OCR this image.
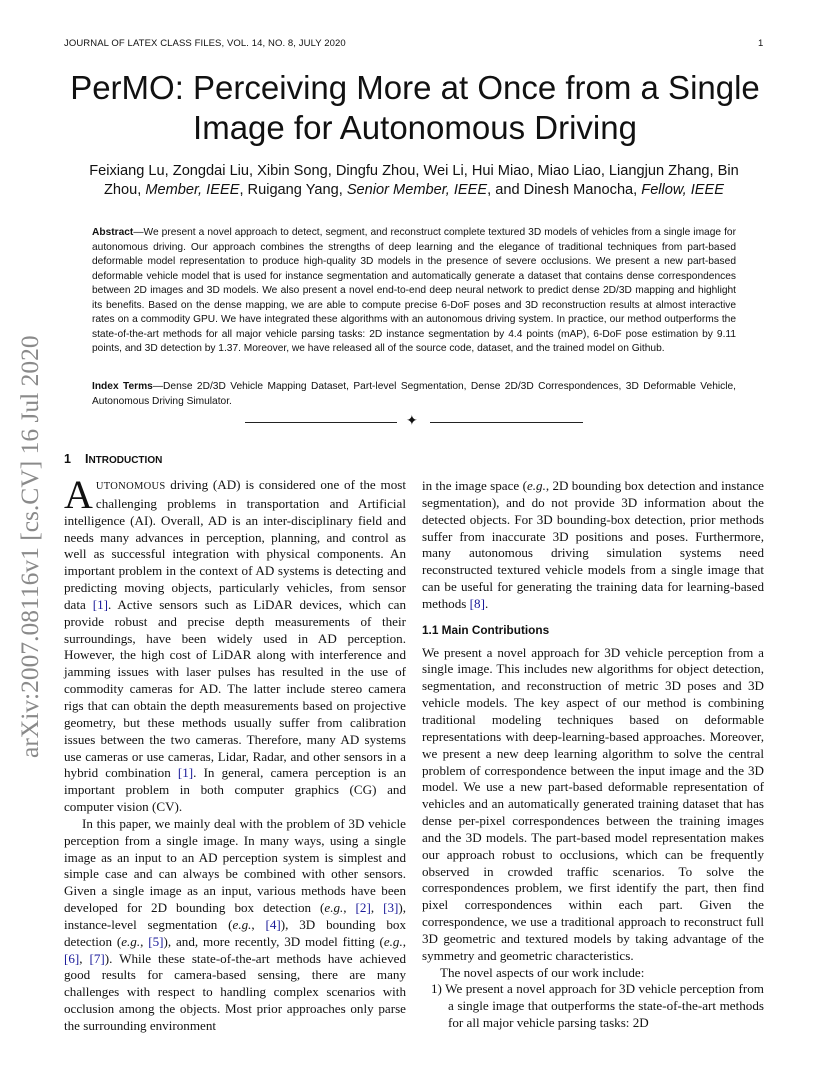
JOURNAL OF LATEX CLASS FILES, VOL. 14, NO. 8, JULY 2020	1
arXiv:2007.08116v1 [cs.CV] 16 Jul 2020
PerMO: Perceiving More at Once from a Single
Image for Autonomous Driving
Feixiang Lu, Zongdai Liu, Xibin Song, Dingfu Zhou, Wei Li, Hui Miao, Miao Liao, Liangjun Zhang, Bin
Zhou, Member, IEEE, Ruigang Yang, Senior Member, IEEE, and Dinesh Manocha, Fellow, IEEE
Abstract—We present a novel approach to detect, segment, and reconstruct complete textured 3D models of vehicles from a single image for autonomous driving. Our approach combines the strengths of deep learning and the elegance of traditional techniques from part-based deformable model representation to produce high-quality 3D models in the presence of severe occlusions. We present a new part-based deformable vehicle model that is used for instance segmentation and automatically generate a dataset that contains dense correspondences between 2D images and 3D models. We also present a novel end-to-end deep neural network to predict dense 2D/3D mapping and highlight its benefits. Based on the dense mapping, we are able to compute precise 6-DoF poses and 3D reconstruction results at almost interactive rates on a commodity GPU. We have integrated these algorithms with an autonomous driving system. In practice, our method outperforms the state-of-the-art methods for all major vehicle parsing tasks: 2D instance segmentation by 4.4 points (mAP), 6-DoF pose estimation by 9.11 points, and 3D detection by 1.37. Moreover, we have released all of the source code, dataset, and the trained model on Github.
Index Terms—Dense 2D/3D Vehicle Mapping Dataset, Part-level Segmentation, Dense 2D/3D Correspondences, 3D Deformable Vehicle, Autonomous Driving Simulator.
✦
1 INTRODUCTION

AUTONOMOUS driving (AD) is considered one of the most challenging problems in transportation and Artificial intelligence (AI). Overall, AD is an inter-disciplinary field and needs many advances in perception, planning, and control as well as successful integration with physical components. An important problem in the context of AD systems is detecting and predicting moving objects, particularly vehicles, from sensor data [1]. Active sensors such as LiDAR devices, which can provide robust and precise depth measurements of their surroundings, have been widely used in AD perception. However, the high cost of LiDAR along with interference and jamming issues with laser pulses has resulted in the use of commodity cameras for AD. The latter include stereo camera rigs that can obtain the depth measurements based on projective geometry, but these methods usually suffer from calibration issues between the two cameras. Therefore, many AD systems use cameras or use cameras, Lidar, Radar, and other sensors in a hybrid combination [1]. In general, camera perception is an important problem in both computer graphics (CG) and computer vision (CV).

In this paper, we mainly deal with the problem of 3D vehicle perception from a single image. In many ways, using a single image as an input to an AD perception system is simplest and simple case and can always be combined with other sensors. Given a single image as an input, various methods have been developed for 2D bounding box detection (e.g., [2], [3]), instance-level segmentation (e.g., [4]), 3D bounding box detection (e.g., [5]), and, more recently, 3D model fitting (e.g., [6], [7]). While these state-of-the-art methods have achieved good results for camera-based sensing, there are many challenges with respect to handling complex scenarios with occlusion among the objects. Most prior approaches only parse the surrounding environment

in the image space (e.g., 2D bounding box detection and instance segmentation), and do not provide 3D information about the detected objects. For 3D bounding-box detection, prior methods suffer from inaccurate 3D positions and poses. Furthermore, many autonomous driving simulation systems need reconstructed textured vehicle models from a single image that can be useful for generating the training data for learning-based methods [8].

1.1 Main Contributions

We present a novel approach for 3D vehicle perception from a single image. This includes new algorithms for object detection, segmentation, and reconstruction of metric 3D poses and 3D vehicle models. The key aspect of our method is combining traditional modeling techniques based on deformable representations with deep-learning-based approaches. Moreover, we present a new deep learning algorithm to solve the central problem of correspondence between the input image and the 3D model. We use a new part-based deformable representation of vehicles and an automatically generated training dataset that has dense per-pixel correspondences between the training images and the 3D models. The part-based model representation makes our approach robust to occlusions, which can be frequently observed in crowded traffic scenarios. To solve the correspondences problem, we first identify the part, then find pixel correspondences within each part. Given the correspondence, we use a traditional approach to reconstruct full 3D geometric and textured models by taking advantage of the symmetry and geometric characteristics.

The novel aspects of our work include:

1) We present a novel approach for 3D vehicle perception from a single image that outperforms the state-of-the-art methods for all major vehicle parsing tasks: 2D
